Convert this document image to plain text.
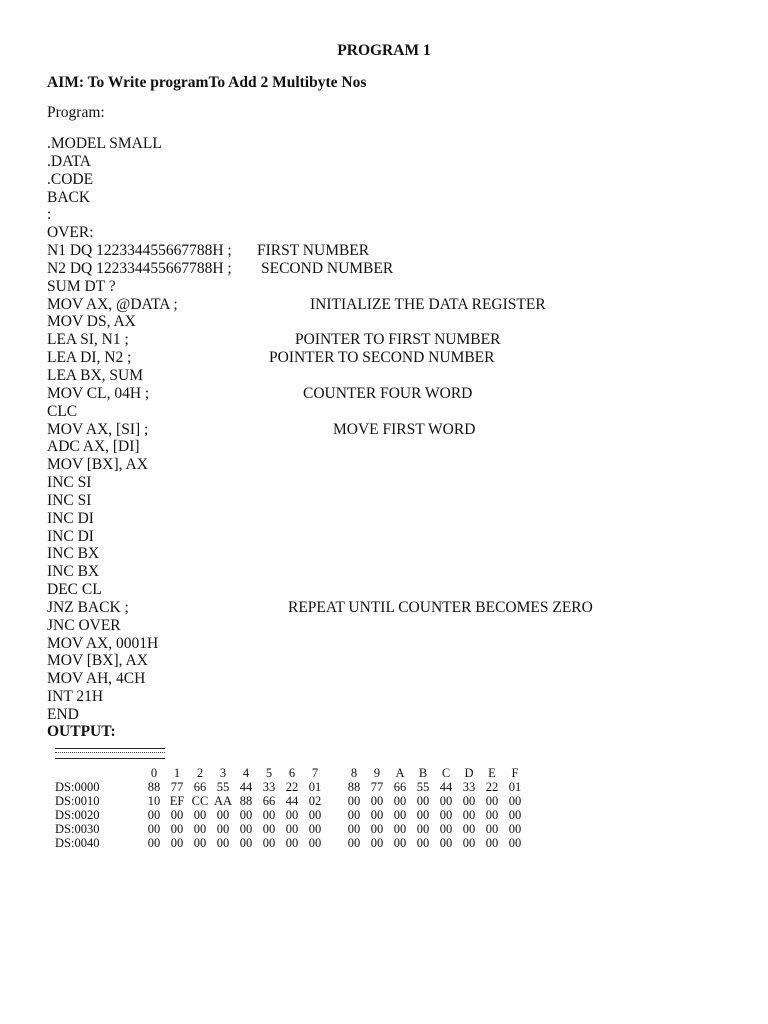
PROGRAM 1
AIM: To Write programTo Add 2 Multibyte Nos
Program:
.MODEL SMALL
.DATA
.CODE
BACK
:
OVER:
N1 DQ 122334455667788H ; FIRST NUMBER
N2 DQ 122334455667788H ; SECOND NUMBER
SUM DT ?
MOV AX, @DATA ;	INITIALIZE THE DATA REGISTER
MOV DS, AX
LEA SI, N1 ;	POINTER TO FIRST NUMBER
LEA DI, N2 ;	POINTER TO SECOND NUMBER
LEA BX, SUM
MOV CL, 04H ;	COUNTER FOUR WORD
CLC
MOV AX, [SI] ;	MOVE FIRST WORD
ADC AX, [DI]
MOV [BX], AX
INC SI
INC SI
INC DI
INC DI
INC BX
INC BX
DEC CL
JNZ BACK ;	REPEAT UNTIL COUNTER BECOMES ZERO
JNC OVER
MOV AX, 0001H
MOV [BX], AX
MOV AH, 4CH
INT 21H
END
OUTPUT:
0	1	2	3	4	5	6	7	8	9	A	B	C	D	E	F
DS:0000	88 77 66 55 44 33 22 01	88 77 66 55 44 33 22 01
DS:0010	10 EF CC AA 88 66 44 02	00 00 00 00 00 00 00 00
DS:0020	00 00 00 00 00 00 00 00	00 00 00 00 00 00 00 00
DS:0030	00 00 00 00 00 00 00 00	00 00 00 00 00 00 00 00
DS:0040	00 00 00 00 00 00 00 00	00 00 00 00 00 00 00 00
